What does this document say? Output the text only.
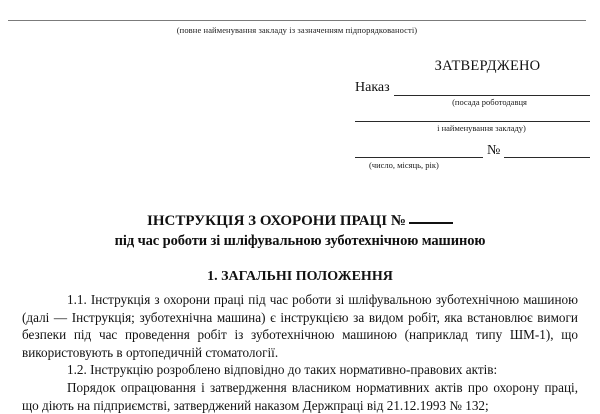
(повне найменування закладу із зазначенням підпорядкованості)
ЗАТВЕРДЖЕНО
Наказ
(посада роботодавця
і найменування закладу)
№
(число, місяць, рік)
ІНСТРУКЦІЯ З ОХОРОНИ ПРАЦІ №
під час роботи зі шліфувальною зуботехнічною машиною
1. ЗАГАЛЬНІ ПОЛОЖЕННЯ

1.1. Інструкція з охорони праці під час роботи зі шліфувальною зуботехнічною машиною (далі — Інструкція; зуботехнічна машина) є інструкцією за видом робіт, яка встановлює вимоги безпеки під час проведення робіт із зуботехнічною машиною (наприклад типу ШМ-1), що використовують в ортопедичній стоматології.

1.2. Інструкцію розроблено відповідно до таких нормативно-правових актів:

Порядок опрацювання і затвердження власником нормативних актів про охорону праці, що діють на підприємстві, затверджений наказом Держпраці від 21.12.1993 № 132;
